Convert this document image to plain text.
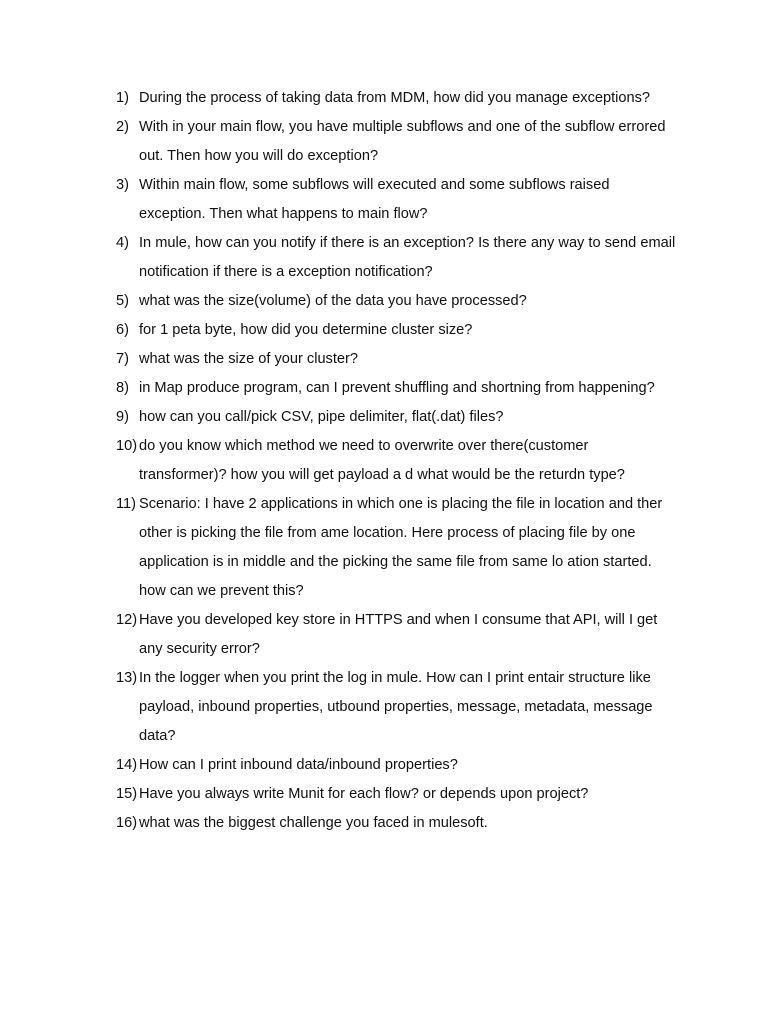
1) During the process of taking data from MDM, how did you manage exceptions?
2) With in your main flow, you have multiple subflows and one of the subflow errored out. Then how you will do exception?
3) Within main flow, some subflows will executed and some subflows raised exception. Then what happens to main flow?
4) In mule, how can you notify if there is an exception? Is there any way to send email notification if there is a exception notification?
5) what was the size(volume) of the data you have processed?
6) for 1 peta byte, how did you determine cluster size?
7) what was the size of your cluster?
8) in Map produce program, can I prevent shuffling and shortning from happening?
9) how can you call/pick CSV, pipe delimiter, flat(.dat) files?
10) do you know which method we need to overwrite over there(customer transformer)? how you will get payload a d what would be the returdn type?
11) Scenario: I have 2 applications in which one is placing the file in location and ther other is picking the file from ame location. Here process of placing file by one application is in middle and the picking the same file from same lo ation started. how can we prevent this?
12) Have you developed key store in HTTPS and when I consume that API, will I get any security error?
13) In the logger when you print the log in mule. How can I print entair structure like payload, inbound properties, utbound properties, message, metadata, message data?
14) How can I print inbound data/inbound properties?
15) Have you always write Munit for each flow? or depends upon project?
16) what was the biggest challenge you faced in mulesoft.
